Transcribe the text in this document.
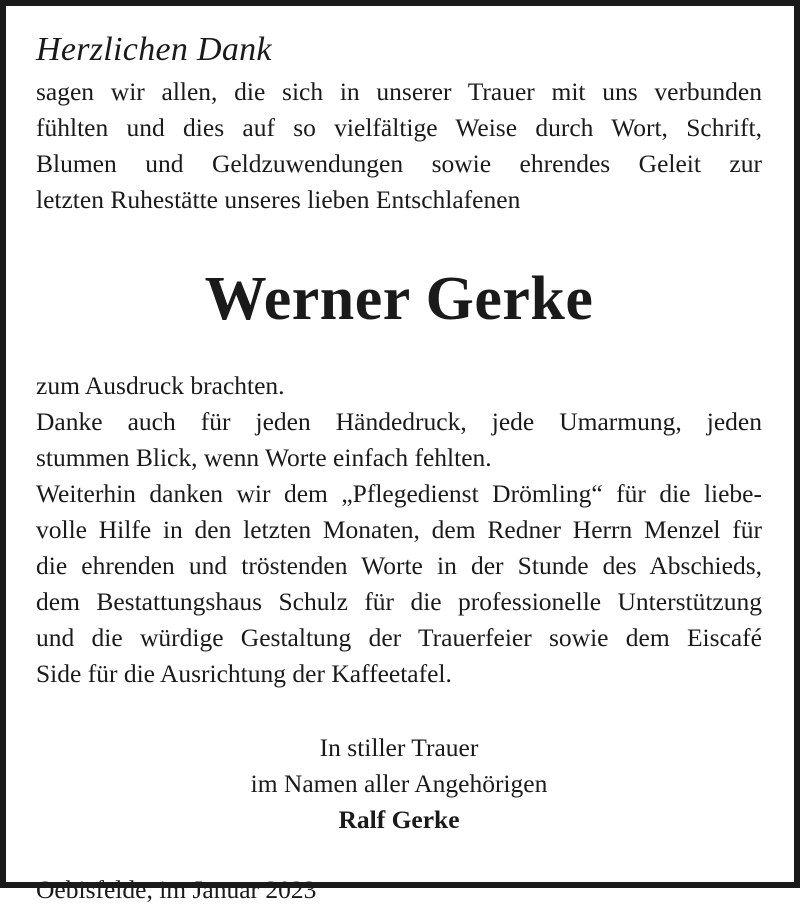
Herzlichen Dank
sagen wir allen, die sich in unserer Trauer mit uns verbunden
fühlten und dies auf so vielfältige Weise durch Wort, Schrift,
Blumen und Geldzuwendungen sowie ehrendes Geleit zur
letzten Ruhestätte unseres lieben Entschlafenen
Werner Gerke
zum Ausdruck brachten.
Danke auch für jeden Händedruck, jede Umarmung, jeden
stummen Blick, wenn Worte einfach fehlten.
Weiterhin danken wir dem „Pflegedienst Drömling“ für die liebe-
volle Hilfe in den letzten Monaten, dem Redner Herrn Menzel für
die ehrenden und tröstenden Worte in der Stunde des Abschieds,
dem Bestattungshaus Schulz für die professionelle Unterstützung
und die würdige Gestaltung der Trauerfeier sowie dem Eiscafé
Side für die Ausrichtung der Kaffeetafel.
In stiller Trauer
im Namen aller Angehörigen
Ralf Gerke
Oebisfelde, im Januar 2023
